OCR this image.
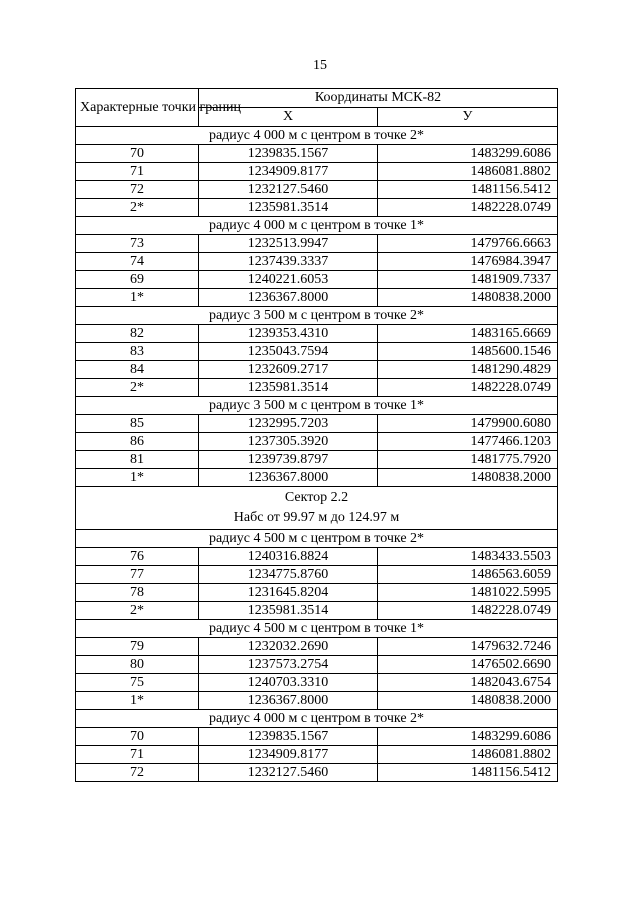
15
Характерные точки границ	Координаты МСК-82	
	Х	У
радиус 4 000 м с центром в точке 2*		
70	1239835.1567	1483299.6086
71	1234909.8177	1486081.8802
72	1232127.5460	1481156.5412
2*	1235981.3514	1482228.0749
радиус 4 000 м с центром в точке 1*		
73	1232513.9947	1479766.6663
74	1237439.3337	1476984.3947
69	1240221.6053	1481909.7337
1*	1236367.8000	1480838.2000
радиус 3 500 м с центром в точке 2*		
82	1239353.4310	1483165.6669
83	1235043.7594	1485600.1546
84	1232609.2717	1481290.4829
2*	1235981.3514	1482228.0749
радиус 3 500 м с центром в точке 1*		
85	1232995.7203	1479900.6080
86	1237305.3920	1477466.1203
81	1239739.8797	1481775.7920
1*	1236367.8000	1480838.2000

Сектор 2.2
Набс от 99.97 м до 124.97 м		

радиус 4 500 м с центром в точке 2*		
76	1240316.8824	1483433.5503
77	1234775.8760	1486563.6059
78	1231645.8204	1481022.5995
2*	1235981.3514	1482228.0749
радиус 4 500 м с центром в точке 1*		
79	1232032.2690	1479632.7246
80	1237573.2754	1476502.6690
75	1240703.3310	1482043.6754
1*	1236367.8000	1480838.2000
радиус 4 000 м с центром в точке 2*		
70	1239835.1567	1483299.6086
71	1234909.8177	1486081.8802
72	1232127.5460	1481156.5412
